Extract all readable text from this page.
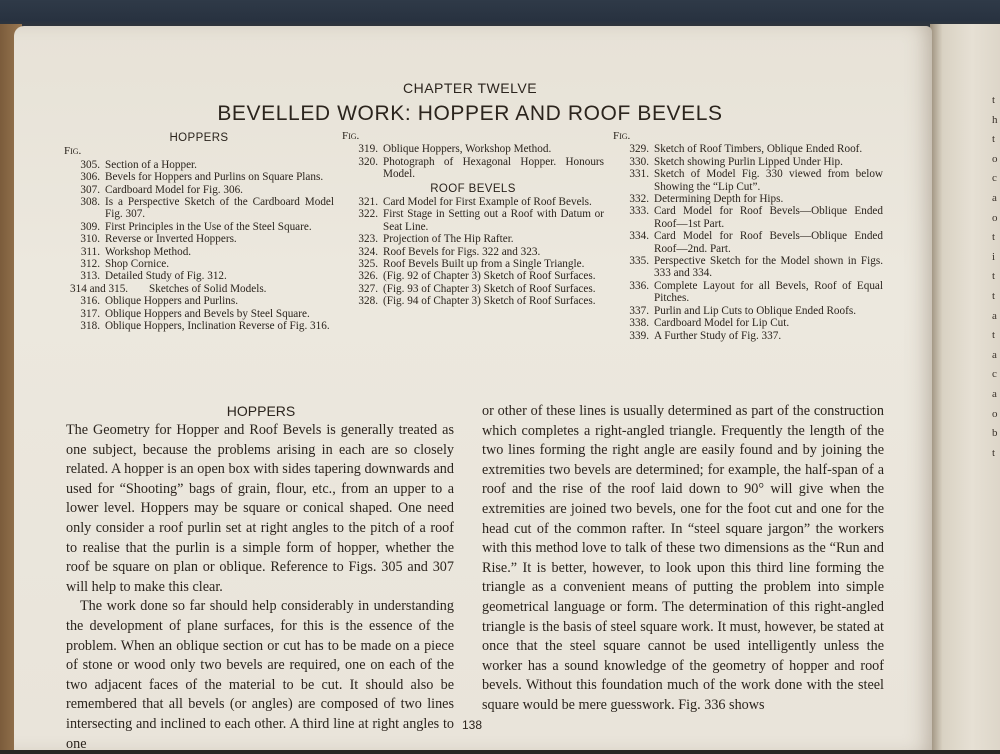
t
h
t
o
c
a
o
t
i
t
t
a
t
a
c
a
o
b
t
CHAPTER TWELVE
BEVELLED WORK: HOPPER AND ROOF BEVELS
HOPPERS
Fig.
305. Section of a Hopper.
306. Bevels for Hoppers and Purlins on Square Plans.
307. Cardboard Model for Fig. 306.
308. Is a Perspective Sketch of the Cardboard Model Fig. 307.
309. First Principles in the Use of the Steel Square.
310. Reverse or Inverted Hoppers.
311. Workshop Method.
312. Shop Cornice.
313. Detailed Study of Fig. 312.
314 and 315.	Sketches of Solid Models.
316. Oblique Hoppers and Purlins.
317. Oblique Hoppers and Bevels by Steel Square.
318. Oblique Hoppers, Inclination Reverse of Fig. 316.
Fig.
319. Oblique Hoppers, Workshop Method.
320. Photograph of Hexagonal Hopper. Honours Model.
ROOF BEVELS
321. Card Model for First Example of Roof Bevels.
322. First Stage in Setting out a Roof with Datum or Seat Line.
323. Projection of The Hip Rafter.
324. Roof Bevels for Figs. 322 and 323.
325. Roof Bevels Built up from a Single Triangle.
326. (Fig. 92 of Chapter 3) Sketch of Roof Surfaces.
327. (Fig. 93 of Chapter 3) Sketch of Roof Surfaces.
328. (Fig. 94 of Chapter 3) Sketch of Roof Surfaces.
Fig.
329. Sketch of Roof Timbers, Oblique Ended Roof.
330. Sketch showing Purlin Lipped Under Hip.
331. Sketch of Model Fig. 330 viewed from below Showing the “Lip Cut”.
332. Determining Depth for Hips.
333. Card Model for Roof Bevels—Oblique Ended Roof—1st Part.
334. Card Model for Roof Bevels—Oblique Ended Roof—2nd. Part.
335. Perspective Sketch for the Model shown in Figs. 333 and 334.
336. Complete Layout for all Bevels, Roof of Equal Pitches.
337. Purlin and Lip Cuts to Oblique Ended Roofs.
338. Cardboard Model for Lip Cut.
339. A Further Study of Fig. 337.
HOPPERS

The Geometry for Hopper and Roof Bevels is generally treated as one subject, because the problems arising in each are so closely related. A hopper is an open box with sides tapering downwards and used for “Shooting” bags of grain, flour, etc., from an upper to a lower level. Hoppers may be square or conical shaped. One need only consider a roof purlin set at right angles to the pitch of a roof to realise that the purlin is a simple form of hopper, whether the roof be square on plan or oblique. Reference to Figs. 305 and 307 will help to make this clear.

The work done so far should help considerably in understanding the development of plane surfaces, for this is the essence of the problem. When an oblique section or cut has to be made on a piece of stone or wood only two bevels are required, one on each of the two adjacent faces of the material to be cut. It should also be remembered that all bevels (or angles) are composed of two lines intersecting and inclined to each other. A third line at right angles to one

or other of these lines is usually determined as part of the construction which completes a right-angled triangle. Frequently the length of the two lines forming the right angle are easily found and by joining the extremities two bevels are determined; for example, the half-span of a roof and the rise of the roof laid down to 90° will give when the extremities are joined two bevels, one for the foot cut and one for the head cut of the common rafter. In “steel square jargon” the workers with this method love to talk of these two dimensions as the “Run and Rise.” It is better, however, to look upon this third line forming the triangle as a convenient means of putting the problem into simple geometrical language or form. The determination of this right-angled triangle is the basis of steel square work. It must, however, be stated at once that the steel square cannot be used intelligently unless the worker has a sound knowledge of the geometry of hopper and roof bevels. Without this foundation much of the work done with the steel square would be mere guesswork. Fig. 336 shows

138
